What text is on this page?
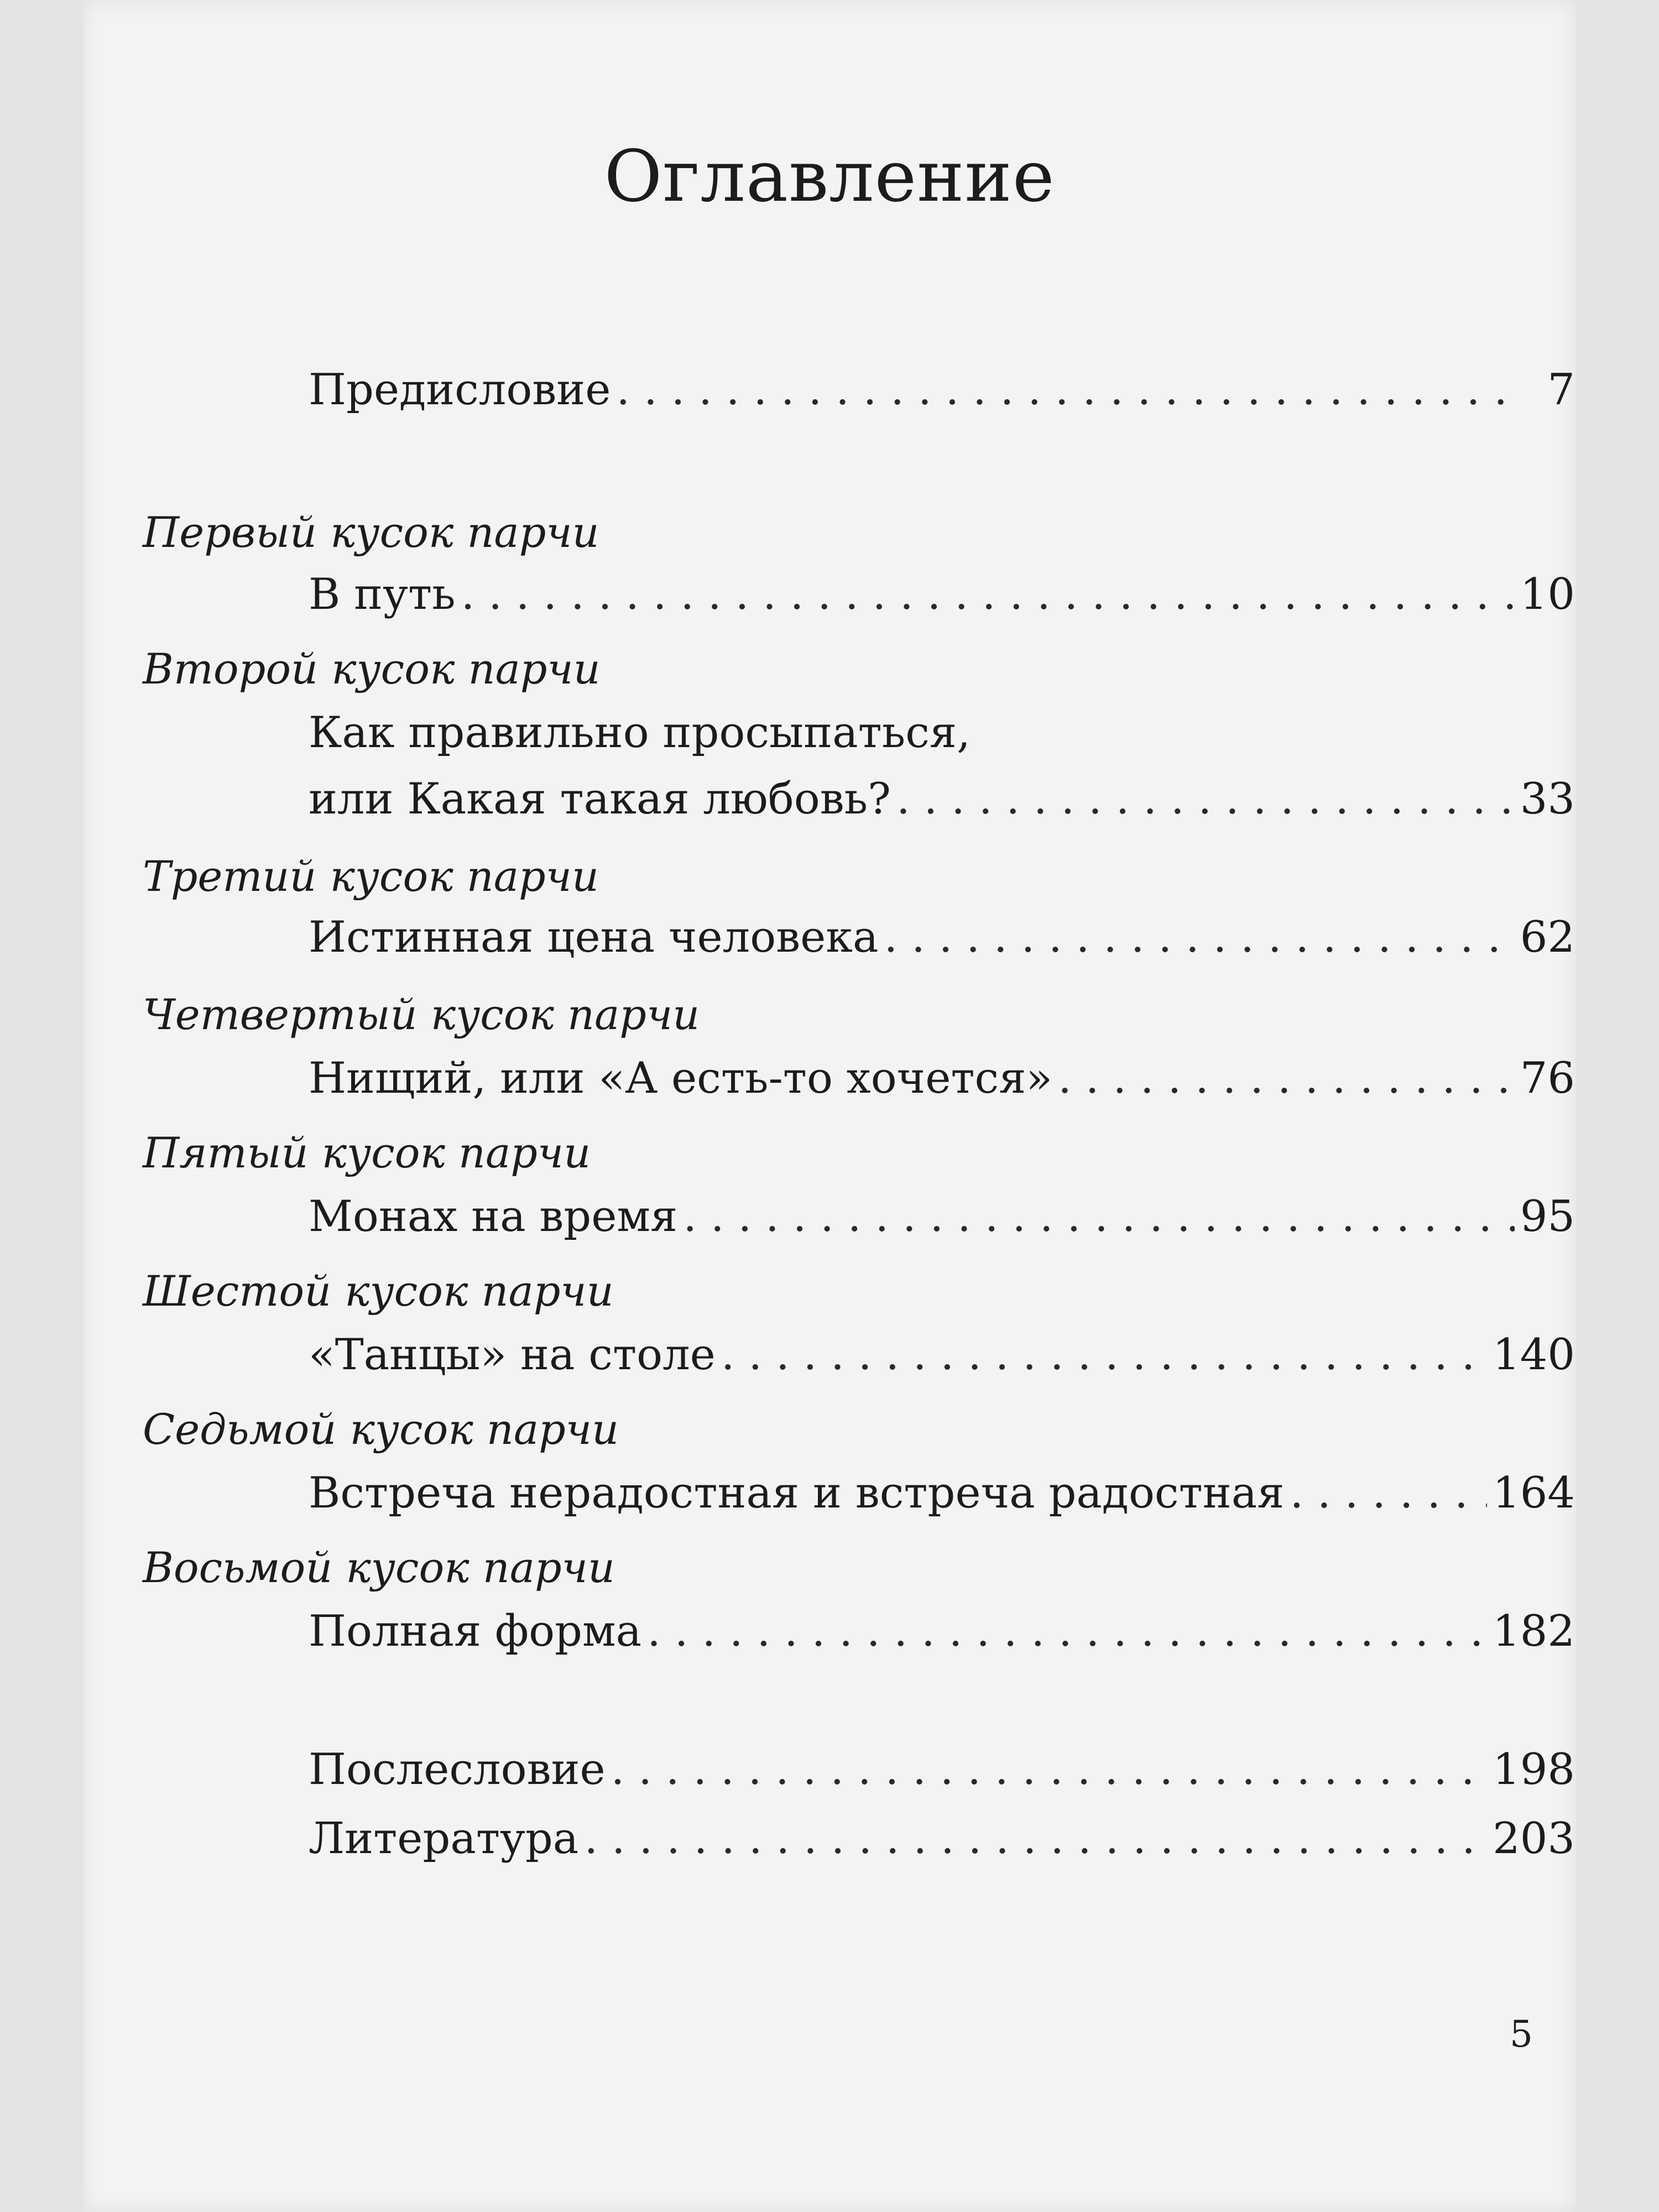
Оглавление
Предисловие . . .	7
Первый кусок парчи
В путь . . .	10
Второй кусок парчи
Как правильно просыпаться,
или Какая такая любовь? . . .	33
Третий кусок парчи
Истинная цена человека . . .	62
Четвертый кусок парчи
Нищий, или «А есть-то хочется» . . .	76
Пятый кусок парчи
Монах на время . . .	95
Шестой кусок парчи
«Танцы» на столе . . .	140
Седьмой кусок парчи
Встреча нерадостная и встреча радостная . . .	164
Восьмой кусок парчи
Полная форма . . .	182
Послесловие . . .	198
Литература . . .	203
5
